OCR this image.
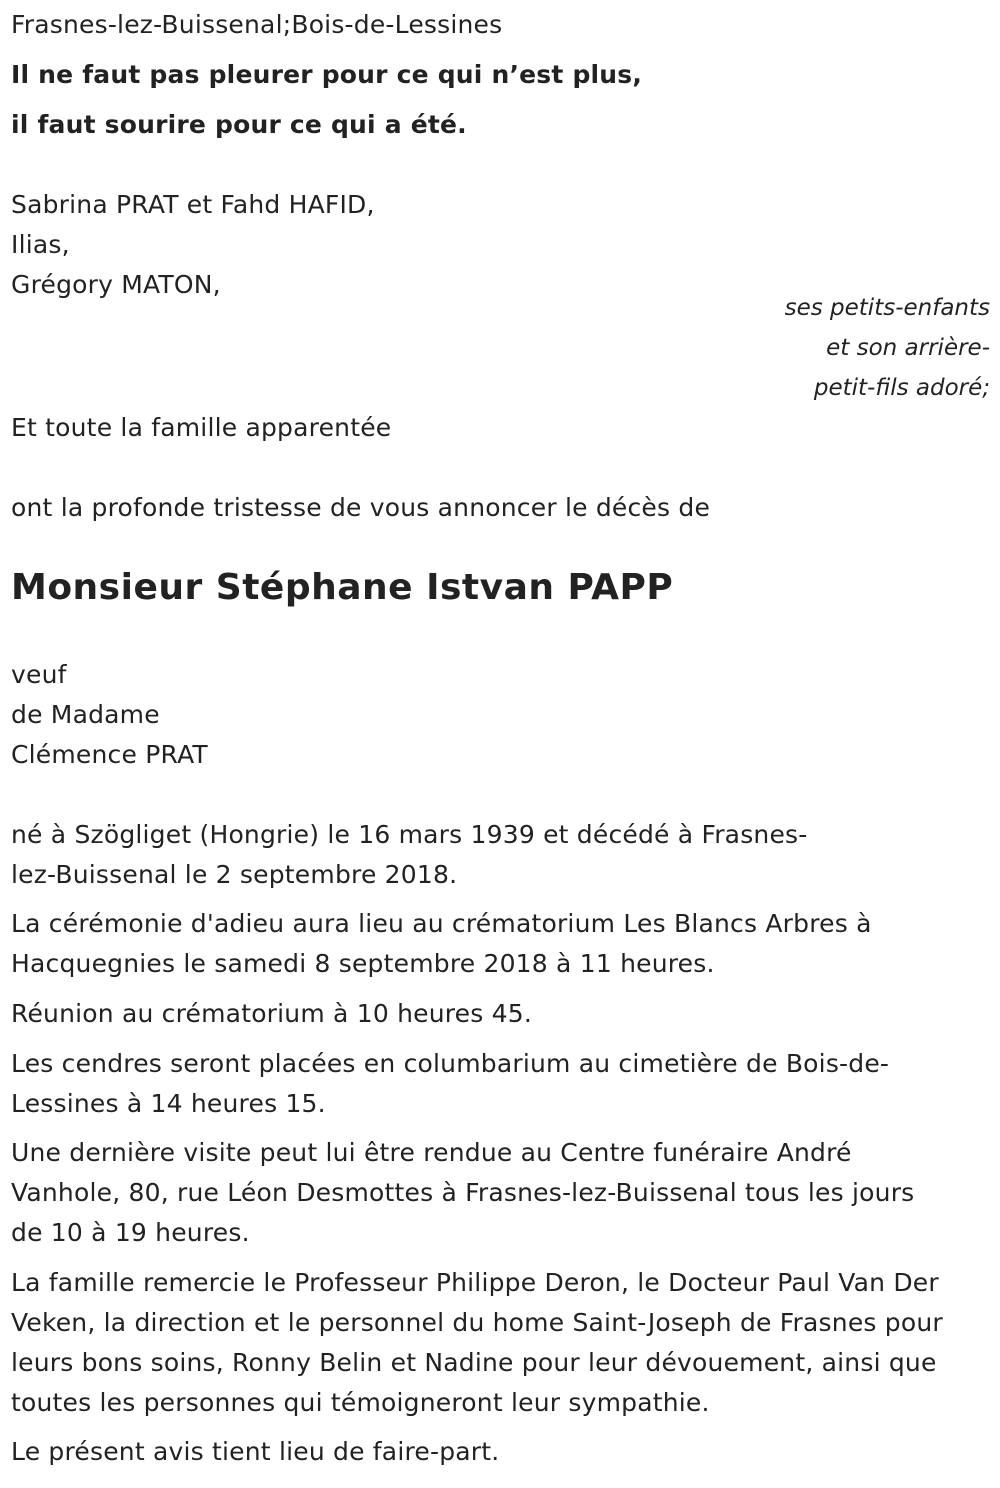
Frasnes-lez-Buissenal;Bois-de-Lessines
Il ne faut pas pleurer pour ce qui n’est plus,
il faut sourire pour ce qui a été.
Sabrina PRAT et Fahd HAFID,
Ilias,
Grégory MATON,
ses petits-enfants
et son arrière-
petit-fils adoré;
Et toute la famille apparentée
ont la profonde tristesse de vous annoncer le décès de
Monsieur Stéphane Istvan PAPP
veuf
de Madame
Clémence PRAT
né à Szögliget (Hongrie) le 16 mars 1939 et décédé à Frasnes-
lez-Buissenal le 2 septembre 2018.
La cérémonie d'adieu aura lieu au crématorium Les Blancs Arbres à
Hacquegnies le samedi 8 septembre 2018 à 11 heures.
Réunion au crématorium à 10 heures 45.
Les cendres seront placées en columbarium au cimetière de Bois-de-
Lessines à 14 heures 15.
Une dernière visite peut lui être rendue au Centre funéraire André
Vanhole, 80, rue Léon Desmottes à Frasnes-lez-Buissenal tous les jours
de 10 à 19 heures.
La famille remercie le Professeur Philippe Deron, le Docteur Paul Van Der
Veken, la direction et le personnel du home Saint-Joseph de Frasnes pour
leurs bons soins, Ronny Belin et Nadine pour leur dévouement, ainsi que
toutes les personnes qui témoigneront leur sympathie.
Le présent avis tient lieu de faire-part.
